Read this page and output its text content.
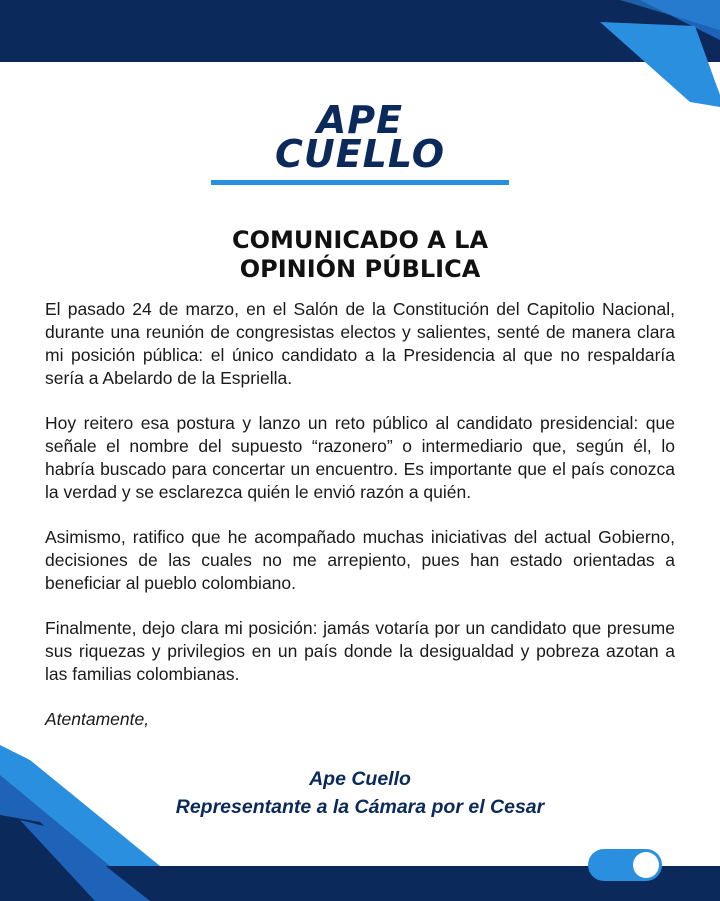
APE
CUELLO
COMUNICADO A LA
OPINIÓN PÚBLICA

El pasado 24 de marzo, en el Salón de la Constitución del Capitolio Nacional, durante una reunión de congresistas electos y salientes, senté de manera clara mi posición pública: el único candidato a la Presidencia al que no respaldaría sería a Abelardo de la Espriella.

Hoy reitero esa postura y lanzo un reto público al candidato presidencial: que señale el nombre del supuesto “razonero” o intermediario que, según él, lo habría buscado para concertar un encuentro. Es importante que el país conozca la verdad y se esclarezca quién le envió razón a quién.

Asimismo, ratifico que he acompañado muchas iniciativas del actual Gobierno, decisiones de las cuales no me arrepiento, pues han estado orientadas a beneficiar al pueblo colombiano.

Finalmente, dejo clara mi posición: jamás votaría por un candidato que presume sus riquezas y privilegios en un país donde la desigualdad y pobreza azotan a las familias colombianas.

Atentamente,

Ape Cuello
Representante a la Cámara por el Cesar
